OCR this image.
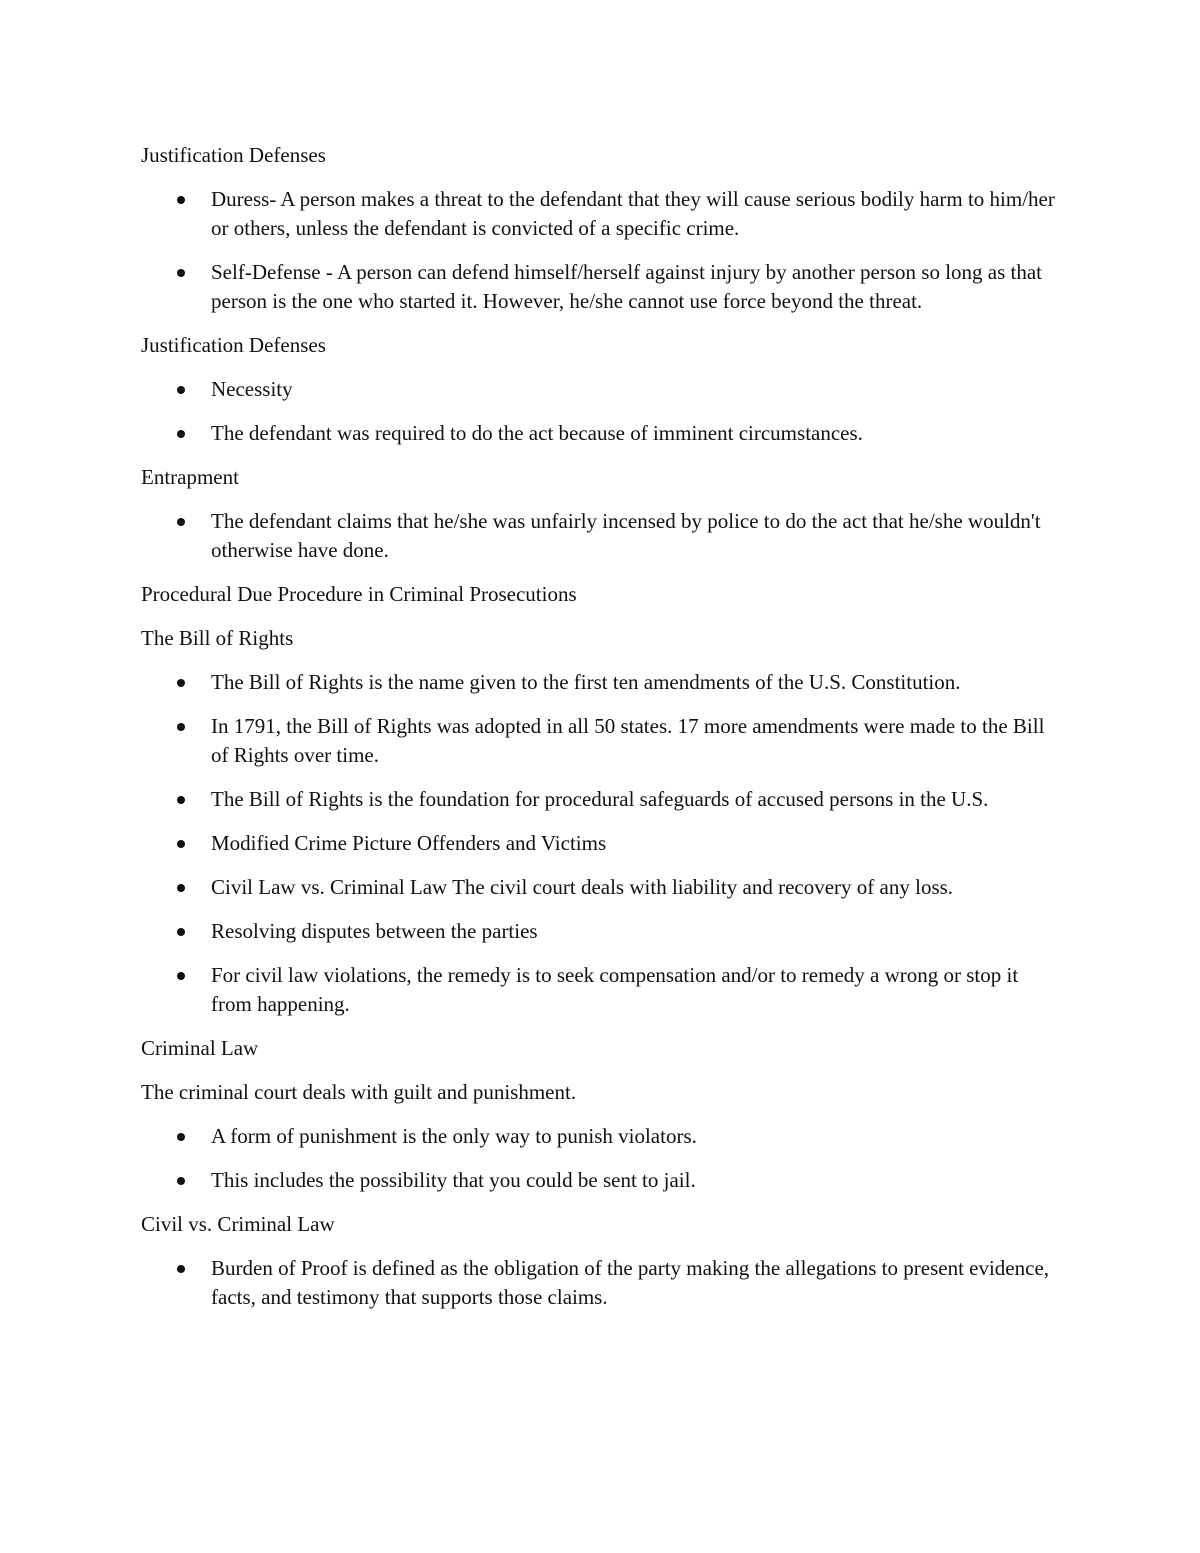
Justification Defenses

Duress- A person makes a threat to the defendant that they will cause serious bodily harm to him/her or others, unless the defendant is convicted of a specific crime.
Self-Defense - A person can defend himself/herself against injury by another person so long as that person is the one who started it. However, he/she cannot use force beyond the threat.

Justification Defenses

Necessity
The defendant was required to do the act because of imminent circumstances.

Entrapment

The defendant claims that he/she was unfairly incensed by police to do the act that he/she wouldn't otherwise have done.

Procedural Due Procedure in Criminal Prosecutions

The Bill of Rights

The Bill of Rights is the name given to the first ten amendments of the U.S. Constitution.
In 1791, the Bill of Rights was adopted in all 50 states. 17 more amendments were made to the Bill of Rights over time.
The Bill of Rights is the foundation for procedural safeguards of accused persons in the U.S.
Modified Crime Picture Offenders and Victims
Civil Law vs. Criminal Law The civil court deals with liability and recovery of any loss.
Resolving disputes between the parties
For civil law violations, the remedy is to seek compensation and/or to remedy a wrong or stop it from happening.

Criminal Law

The criminal court deals with guilt and punishment.

A form of punishment is the only way to punish violators.
This includes the possibility that you could be sent to jail.

Civil vs. Criminal Law

Burden of Proof is defined as the obligation of the party making the allegations to present evidence, facts, and testimony that supports those claims.
